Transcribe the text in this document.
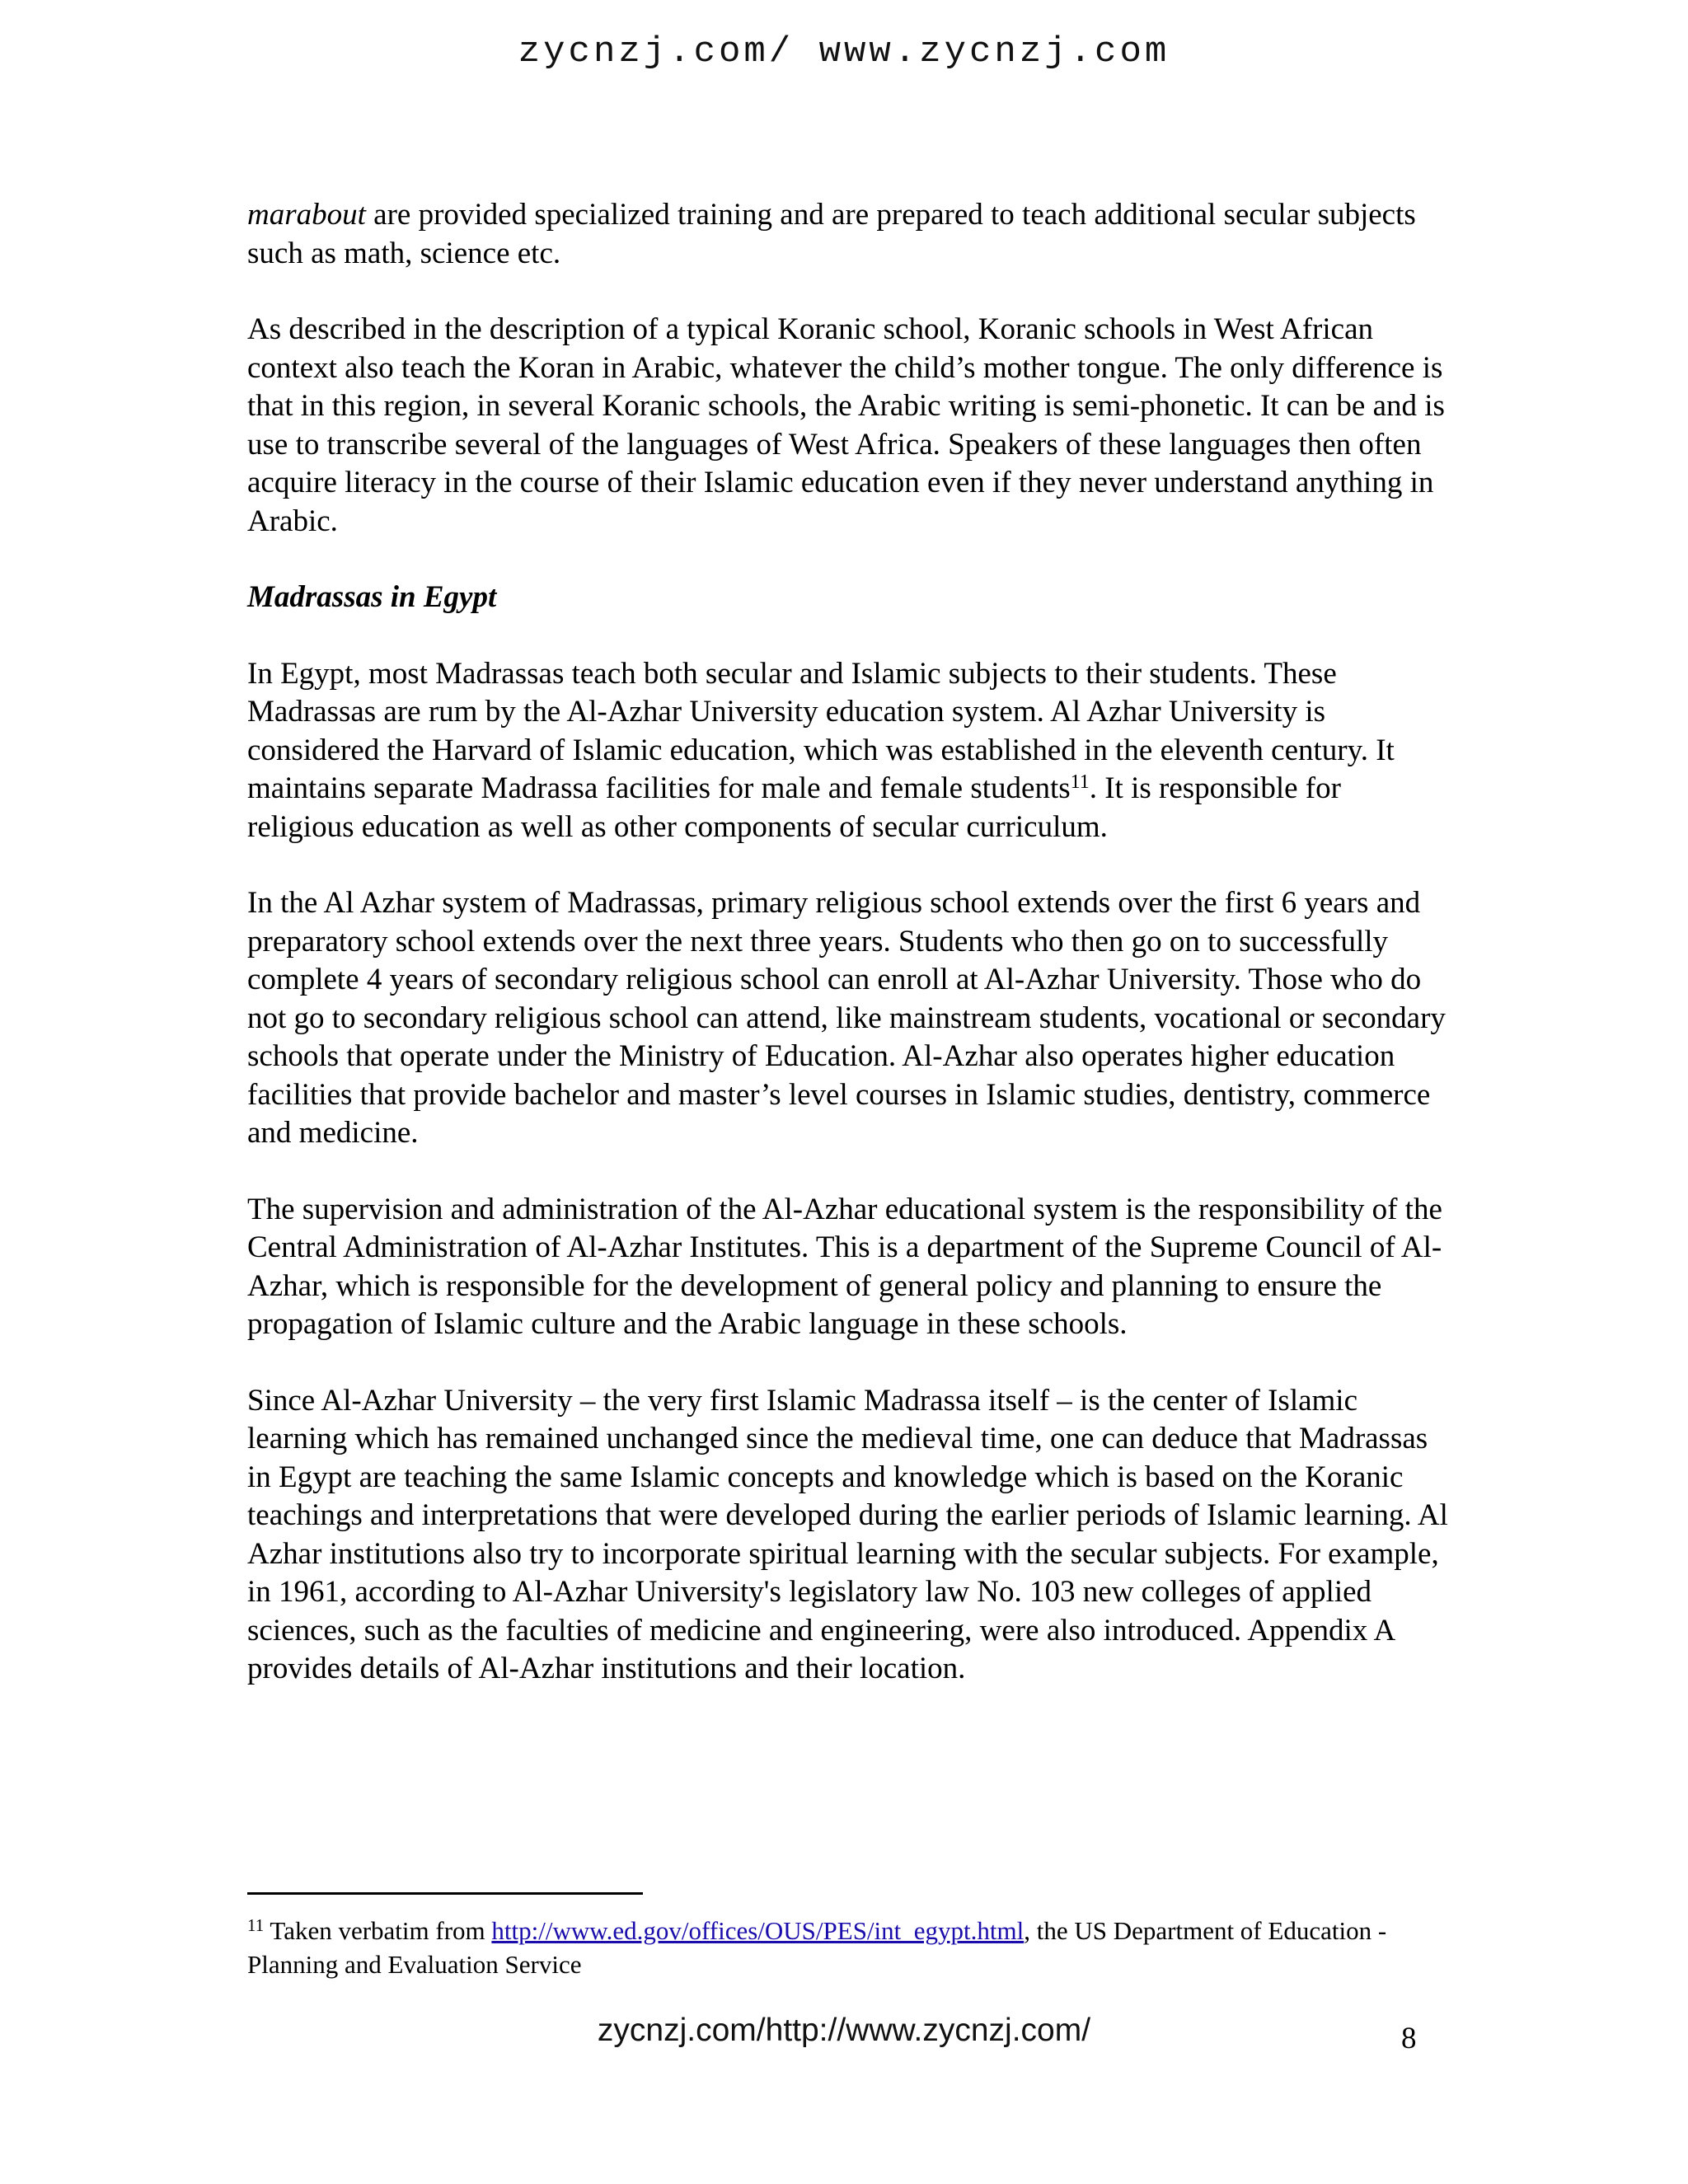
zycnzj.com/ www.zycnzj.com

marabout are provided specialized training and are prepared to teach additional secular subjects such as math, science etc.

As described in the description of a typical Koranic school, Koranic schools in West African context also teach the Koran in Arabic, whatever the child’s mother tongue. The only difference is that in this region, in several Koranic schools, the Arabic writing is semi-phonetic. It can be and is use to transcribe several of the languages of West Africa. Speakers of these languages then often acquire literacy in the course of their Islamic education even if they never understand anything in Arabic.

Madrassas in Egypt

In Egypt, most Madrassas teach both secular and Islamic subjects to their students. These Madrassas are rum by the Al-Azhar University education system. Al Azhar University is considered the Harvard of Islamic education, which was established in the eleventh century. It maintains separate Madrassa facilities for male and female students$^{11}$. It is responsible for religious education as well as other components of secular curriculum.

In the Al Azhar system of Madrassas, primary religious school extends over the first 6 years and preparatory school extends over the next three years. Students who then go on to successfully complete 4 years of secondary religious school can enroll at Al-Azhar University. Those who do not go to secondary religious school can attend, like mainstream students, vocational or secondary schools that operate under the Ministry of Education. Al-Azhar also operates higher education facilities that provide bachelor and master’s level courses in Islamic studies, dentistry, commerce and medicine.

The supervision and administration of the Al-Azhar educational system is the responsibility of the Central Administration of Al-Azhar Institutes. This is a department of the Supreme Council of Al-Azhar, which is responsible for the development of general policy and planning to ensure the propagation of Islamic culture and the Arabic language in these schools.

Since Al-Azhar University – the very first Islamic Madrassa itself – is the center of Islamic learning which has remained unchanged since the medieval time, one can deduce that Madrassas in Egypt are teaching the same Islamic concepts and knowledge which is based on the Koranic teachings and interpretations that were developed during the earlier periods of Islamic learning. Al Azhar institutions also try to incorporate spiritual learning with the secular subjects. For example, in 1961, according to Al-Azhar University's legislatory law No. 103 new colleges of applied sciences, such as the faculties of medicine and engineering, were also introduced. Appendix A provides details of Al-Azhar institutions and their location.

$^{11}$ Taken verbatim from http://www.ed.gov/offices/OUS/PES/int_egypt.html, the US Department of Education - Planning and Evaluation Service
zycnzj.com/http://www.zycnzj.com/	8
